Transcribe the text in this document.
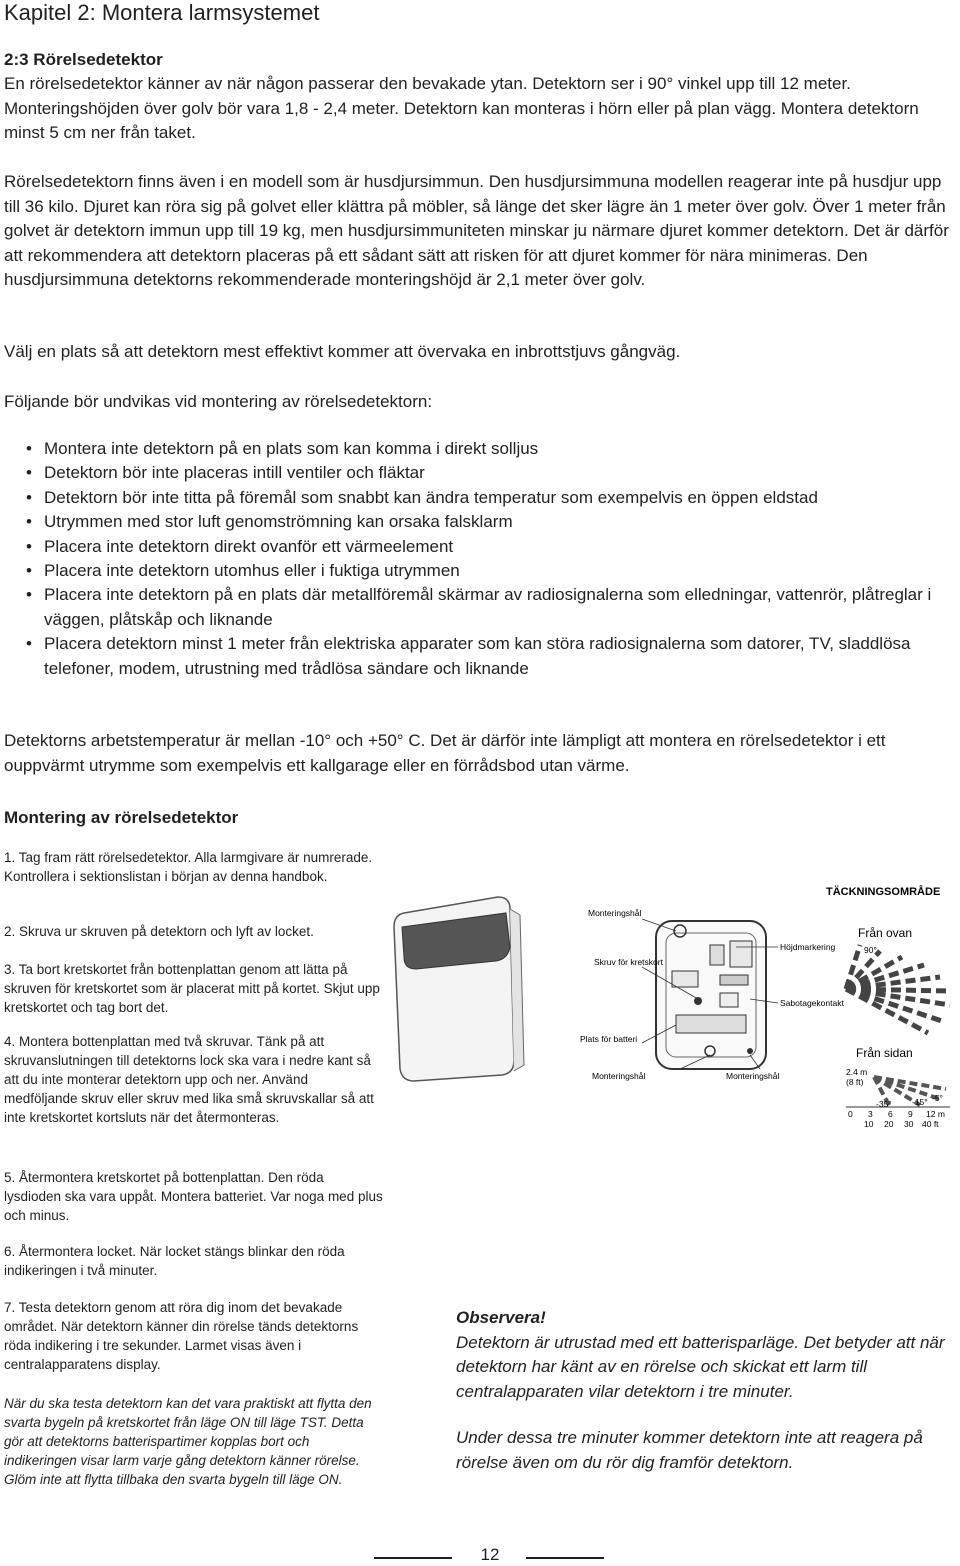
Kapitel 2: Montera larmsystemet
2:3 Rörelsedetektor

En rörelsedetektor känner av när någon passerar den bevakade ytan. Detektorn ser i 90° vinkel upp till 12 meter. Monteringshöjden över golv bör vara 1,8 - 2,4 meter. Detektorn kan monteras i hörn eller på plan vägg. Montera detektorn minst 5 cm ner från taket.

Rörelsedetektorn finns även i en modell som är husdjursimmun. Den husdjursimmuna modellen reagerar inte på husdjur upp till 36 kilo. Djuret kan röra sig på golvet eller klättra på möbler, så länge det sker lägre än 1 meter över golv. Över 1 meter från golvet är detektorn immun upp till 19 kg, men husdjursimmuniteten minskar ju närmare djuret kommer detektorn. Det är därför att rekommendera att detektorn placeras på ett sådant sätt att risken för att djuret kommer för nära minimeras. Den husdjursimmuna detektorns rekommenderade monteringshöjd är 2,1 meter över golv.

Välj en plats så att detektorn mest effektivt kommer att övervaka en inbrottstjuvs gångväg.

Följande bör undvikas vid montering av rörelsedetektorn:

• Montera inte detektorn på en plats som kan komma i direkt solljus
• Detektorn bör inte placeras intill ventiler och fläktar
• Detektorn bör inte titta på föremål som snabbt kan ändra temperatur som exempelvis en öppen eldstad
• Utrymmen med stor luft genomströmning kan orsaka falsklarm
• Placera inte detektorn direkt ovanför ett värmeelement
• Placera inte detektorn utomhus eller i fuktiga utrymmen
• Placera inte detektorn på en plats där metallföremål skärmar av radiosignalerna som elledningar, vattenrör, plåtreglar i väggen, plåtskåp och liknande
• Placera detektorn minst 1 meter från elektriska apparater som kan störa radiosignalerna som datorer, TV, sladdlösa telefoner, modem, utrustning med trådlösa sändare och liknande

Detektorns arbetstemperatur är mellan -10° och +50° C. Det är därför inte lämpligt att montera en rörelsedetektor i ett ouppvärmt utrymme som exempelvis ett kallgarage eller en förrådsbod utan värme.

Montering av rörelsedetektor

1. Tag fram rätt rörelsedetektor. Alla larmgivare är numrerade. Kontrollera i sektionslistan i början av denna handbok.

2. Skruva ur skruven på detektorn och lyft av locket.

3. Ta bort kretskortet från bottenplattan genom att lätta på skruven för kretskortet som är placerat mitt på kortet. Skjut upp kretskortet och tag bort det.

4. Montera bottenplattan med två skruvar. Tänk på att skruvanslutningen till detektorns lock ska vara i nedre kant så att du inte monterar detektorn upp och ner. Använd medföljande skruv eller skruv med lika små skruvskallar så att inte kretskortet kortsluts när det återmonteras.

5. Återmontera kretskortet på bottenplattan. Den röda lysdioden ska vara uppåt. Montera batteriet. Var noga med plus och minus.

6. Återmontera locket. När locket stängs blinkar den röda indikeringen i två minuter.

7. Testa detektorn genom att röra dig inom det bevakade området. När detektorn känner din rörelse tänds detektorns röda indikering i tre sekunder. Larmet visas även i centralapparatens display.

När du ska testa detektorn kan det vara praktiskt att flytta den svarta bygeln på kretskortet från läge ON till läge TST. Detta gör att detektorns batterispartimer kopplas bort och indikeringen visar larm varje gång detektorn känner rörelse. Glöm inte att flytta tillbaka den svarta bygeln till läge ON.

Monteringshål
Höjdmarkering
Skruv för kretskort
Sabotagekontakt
Plats för batteri
Monteringshål	Monteringshål
TÄCKNINGSOMRÅDE
Från ovan
90°
Från sidan
2.4 m
(8 ft)
-5°
-15°
-35°
0 3 6 9 12 m
10 20 30 40 ft
Observera!

Detektorn är utrustad med ett batterisparläge. Det betyder att när detektorn har känt av en rörelse och skickat ett larm till centralapparaten vilar detektorn i tre minuter.

Under dessa tre minuter kommer detektorn inte att reagera på rörelse även om du rör dig framför detektorn.

12
